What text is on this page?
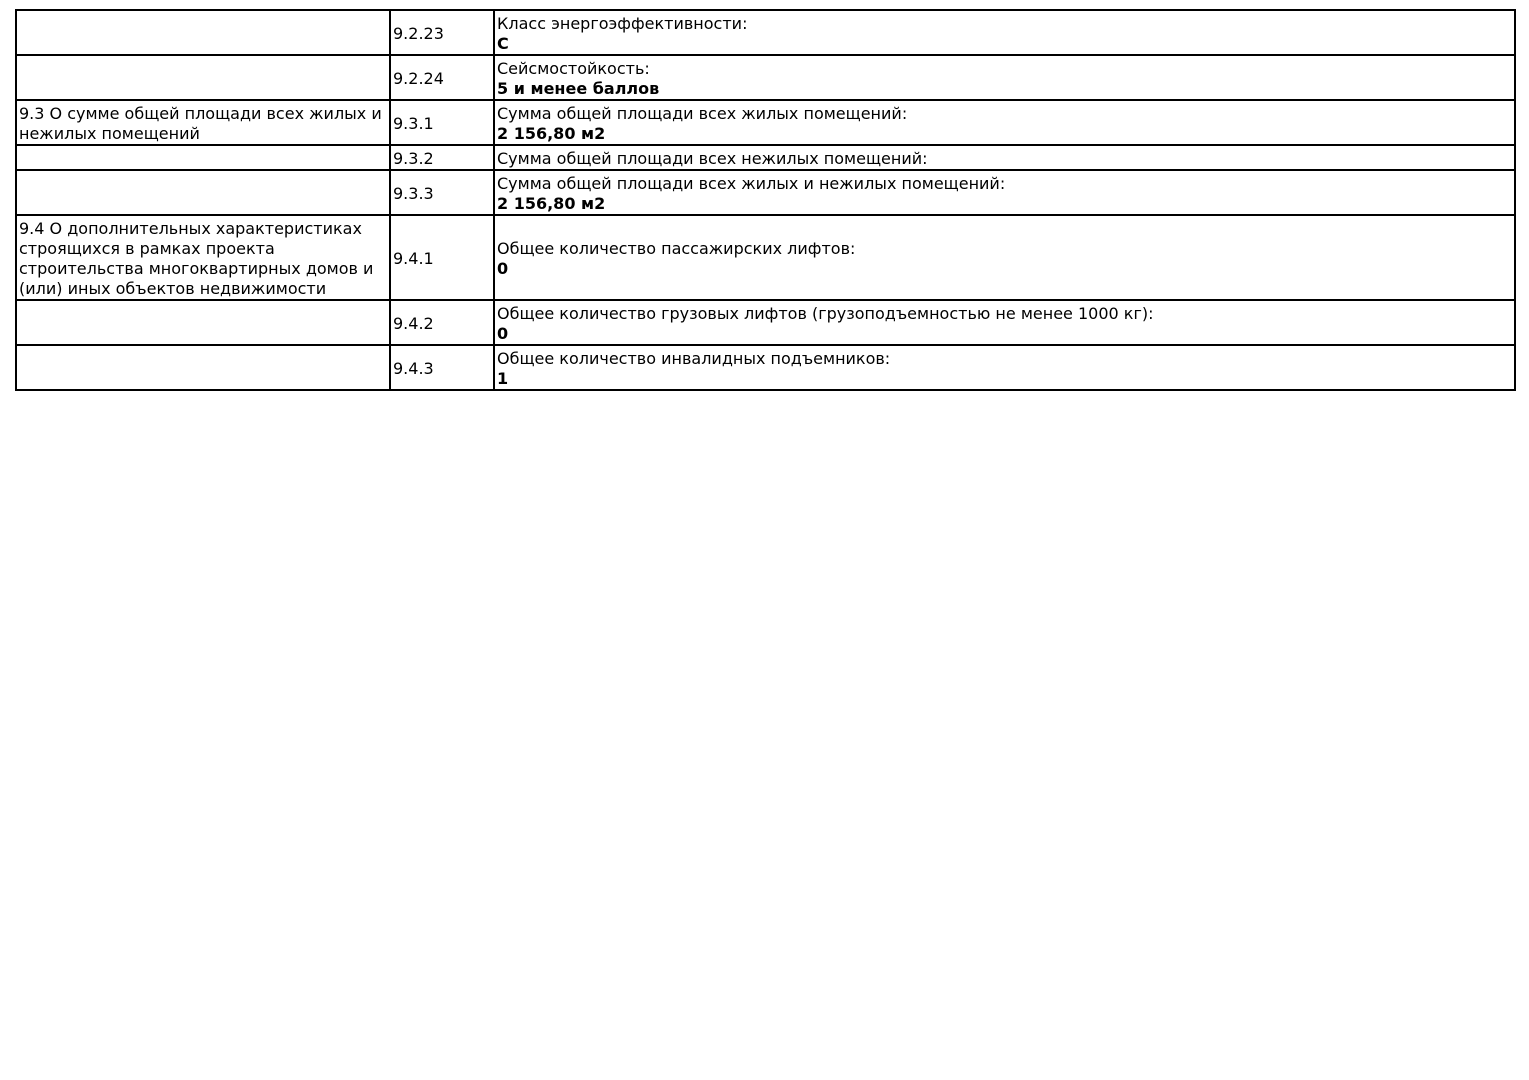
	9.2.23	Класс энергоэффективности:
C

	9.2.24	Сейсмостойкость:
5 и менее баллов

9.3 О сумме общей площади всех жилых и нежилых помещений	9.3.1	Сумма общей площади всех жилых помещений:
2 156,80 м2

	9.3.2	Сумма общей площади всех нежилых помещений:

	9.3.3	Сумма общей площади всех жилых и нежилых помещений:
2 156,80 м2

9.4 О дополнительных характеристиках строящихся в рамках проекта строительства многоквартирных домов и (или) иных объектов недвижимости	9.4.1	Общее количество пассажирских лифтов:
0

	9.4.2	Общее количество грузовых лифтов (грузоподъемностью не менее 1000 кг):
0

	9.4.3	Общее количество инвалидных подъемников:
1
